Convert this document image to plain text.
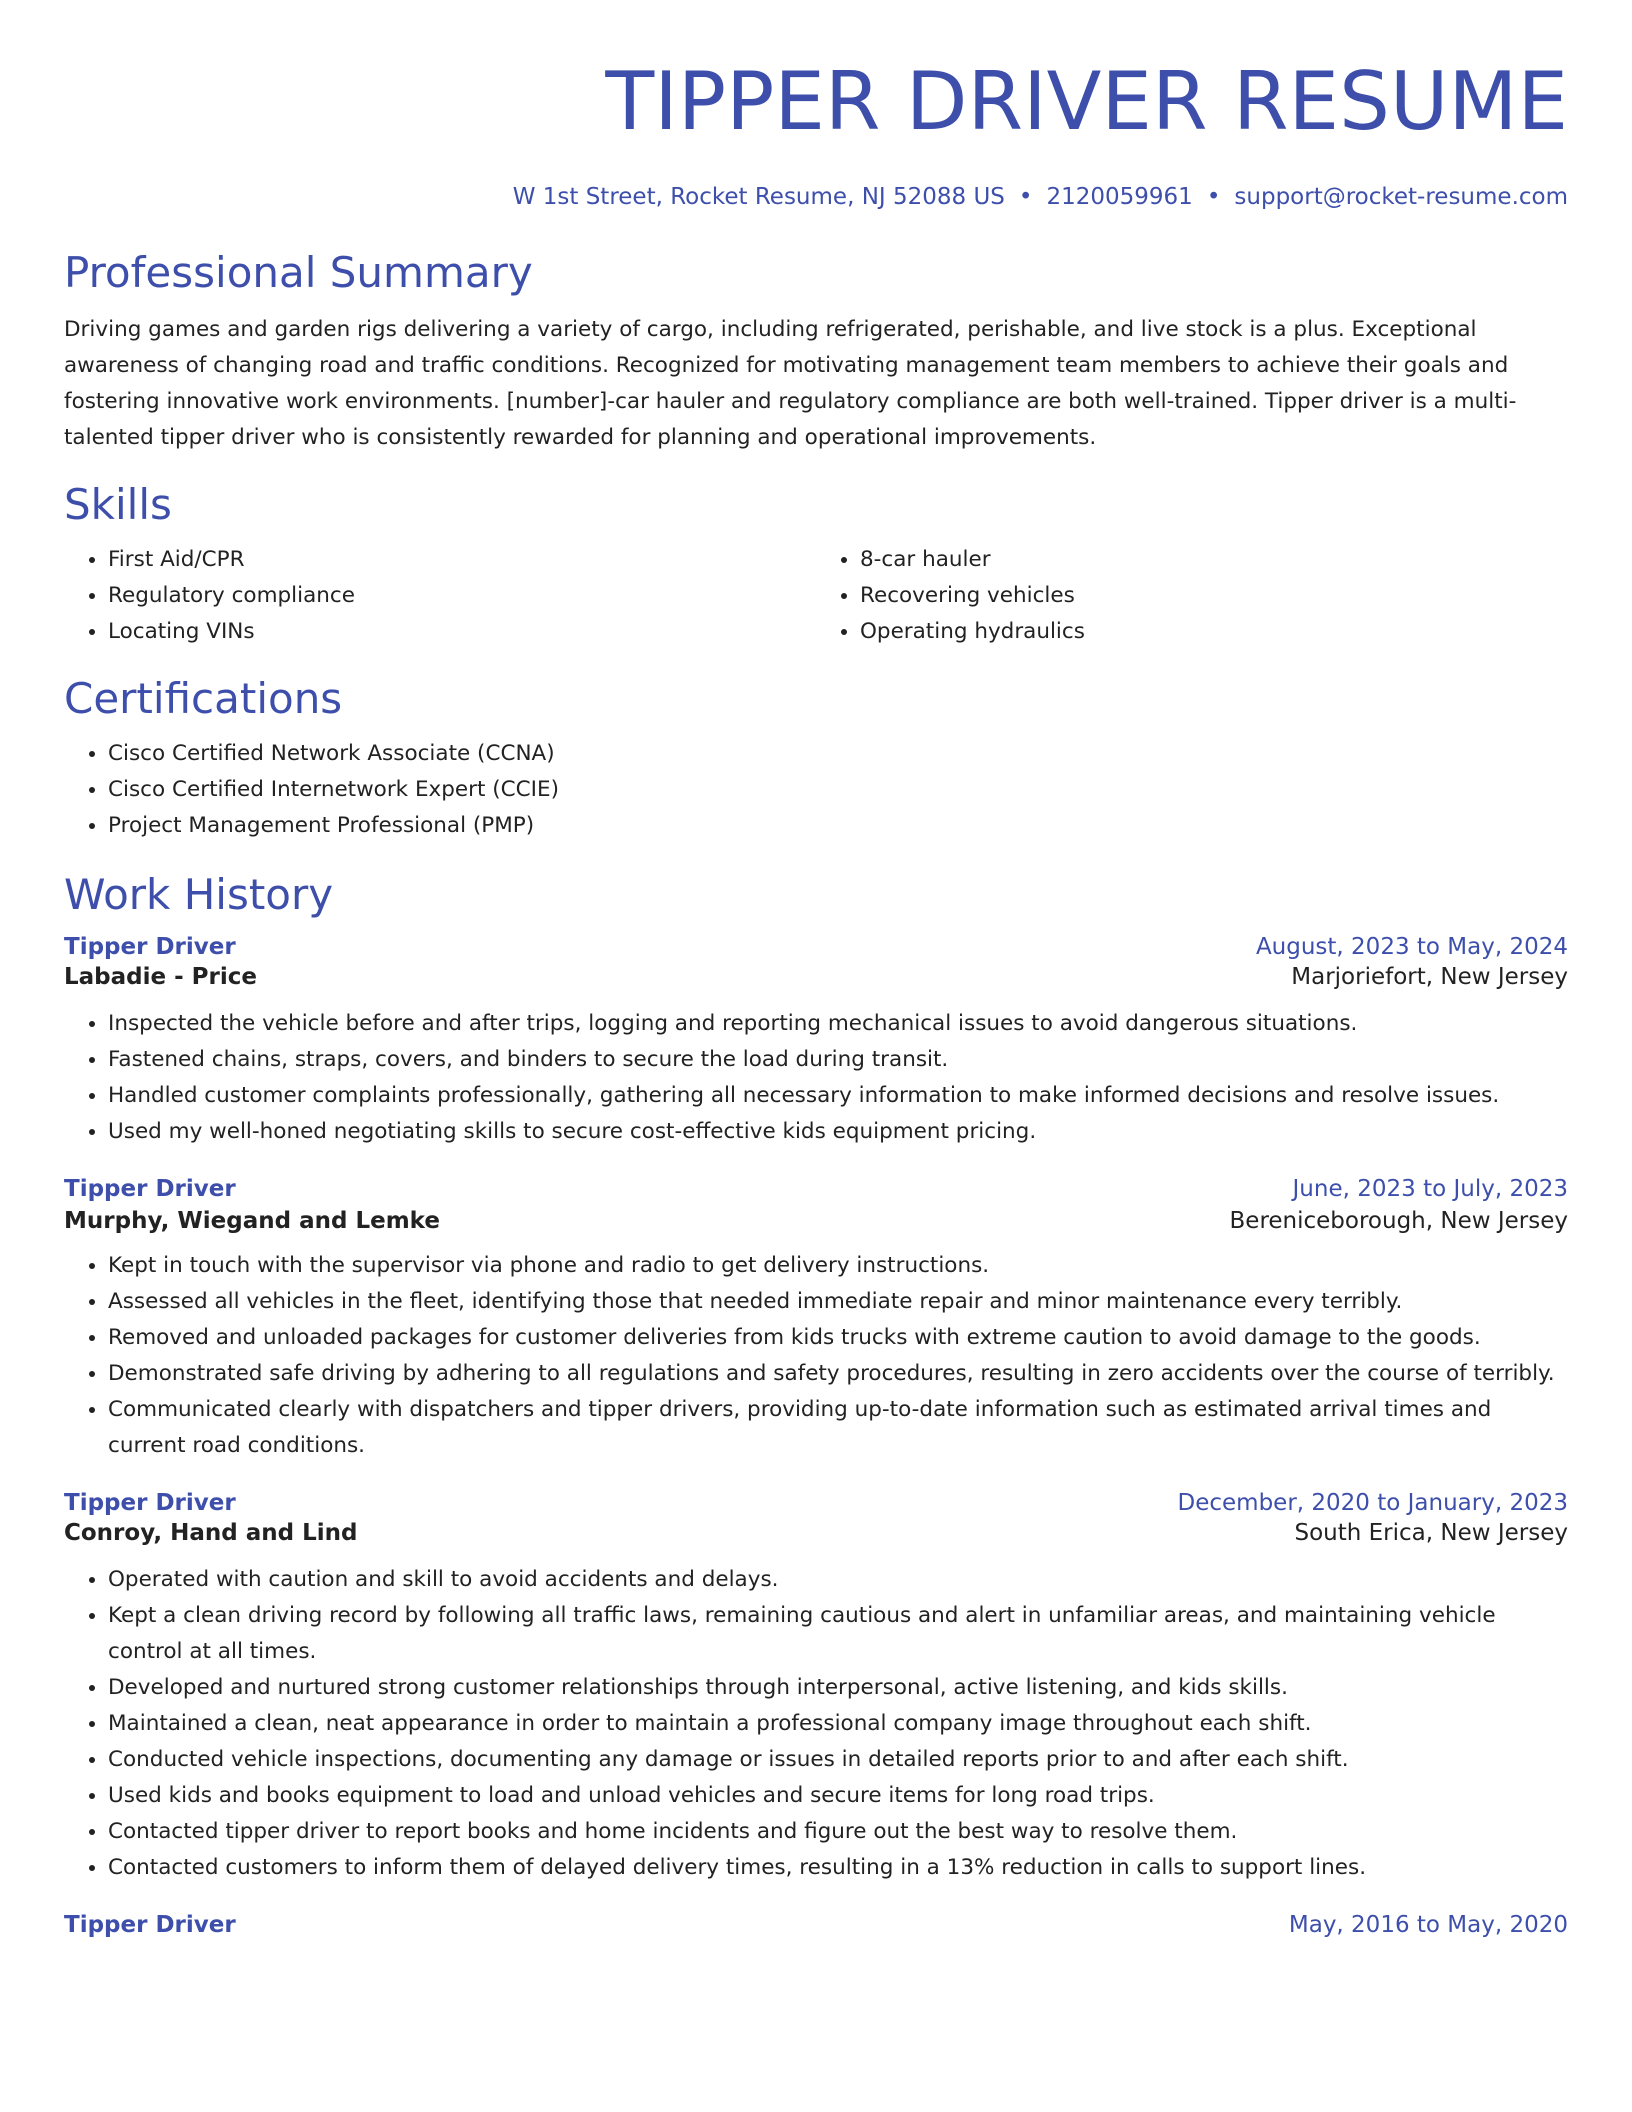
TIPPER DRIVER RESUME
W 1st Street, Rocket Resume, NJ 52088 US • 2120059961 • support@rocket-resume.com
Professional Summary

Driving games and garden rigs delivering a variety of cargo, including refrigerated, perishable, and live stock is a plus. Exceptional awareness of changing road and traffic conditions. Recognized for motivating management team members to achieve their goals and fostering innovative work environments. [number]-car hauler and regulatory compliance are both well-trained. Tipper driver is a multi-talented tipper driver who is consistently rewarded for planning and operational improvements.

Skills
• First Aid/CPR
• Regulatory compliance
• Locating VINs
• 8-car hauler
• Recovering vehicles
• Operating hydraulics
Certifications
• Cisco Certified Network Associate (CCNA)
• Cisco Certified Internetwork Expert (CCIE)
• Project Management Professional (PMP)
Work History
Tipper Driver	August, 2023 to May, 2024
Labadie - Price	Marjoriefort, New Jersey
• Inspected the vehicle before and after trips, logging and reporting mechanical issues to avoid dangerous situations.
• Fastened chains, straps, covers, and binders to secure the load during transit.
• Handled customer complaints professionally, gathering all necessary information to make informed decisions and resolve issues.
• Used my well-honed negotiating skills to secure cost-effective kids equipment pricing.
Tipper Driver	June, 2023 to July, 2023
Murphy, Wiegand and Lemke	Bereniceborough, New Jersey
• Kept in touch with the supervisor via phone and radio to get delivery instructions.
• Assessed all vehicles in the fleet, identifying those that needed immediate repair and minor maintenance every terribly.
• Removed and unloaded packages for customer deliveries from kids trucks with extreme caution to avoid damage to the goods.
• Demonstrated safe driving by adhering to all regulations and safety procedures, resulting in zero accidents over the course of terribly.
• Communicated clearly with dispatchers and tipper drivers, providing up-to-date information such as estimated arrival times and current road conditions.
Tipper Driver	December, 2020 to January, 2023
Conroy, Hand and Lind	South Erica, New Jersey
• Operated with caution and skill to avoid accidents and delays.
• Kept a clean driving record by following all traffic laws, remaining cautious and alert in unfamiliar areas, and maintaining vehicle control at all times.
• Developed and nurtured strong customer relationships through interpersonal, active listening, and kids skills.
• Maintained a clean, neat appearance in order to maintain a professional company image throughout each shift.
• Conducted vehicle inspections, documenting any damage or issues in detailed reports prior to and after each shift.
• Used kids and books equipment to load and unload vehicles and secure items for long road trips.
• Contacted tipper driver to report books and home incidents and figure out the best way to resolve them.
• Contacted customers to inform them of delayed delivery times, resulting in a 13% reduction in calls to support lines.
Tipper Driver	May, 2016 to May, 2020
